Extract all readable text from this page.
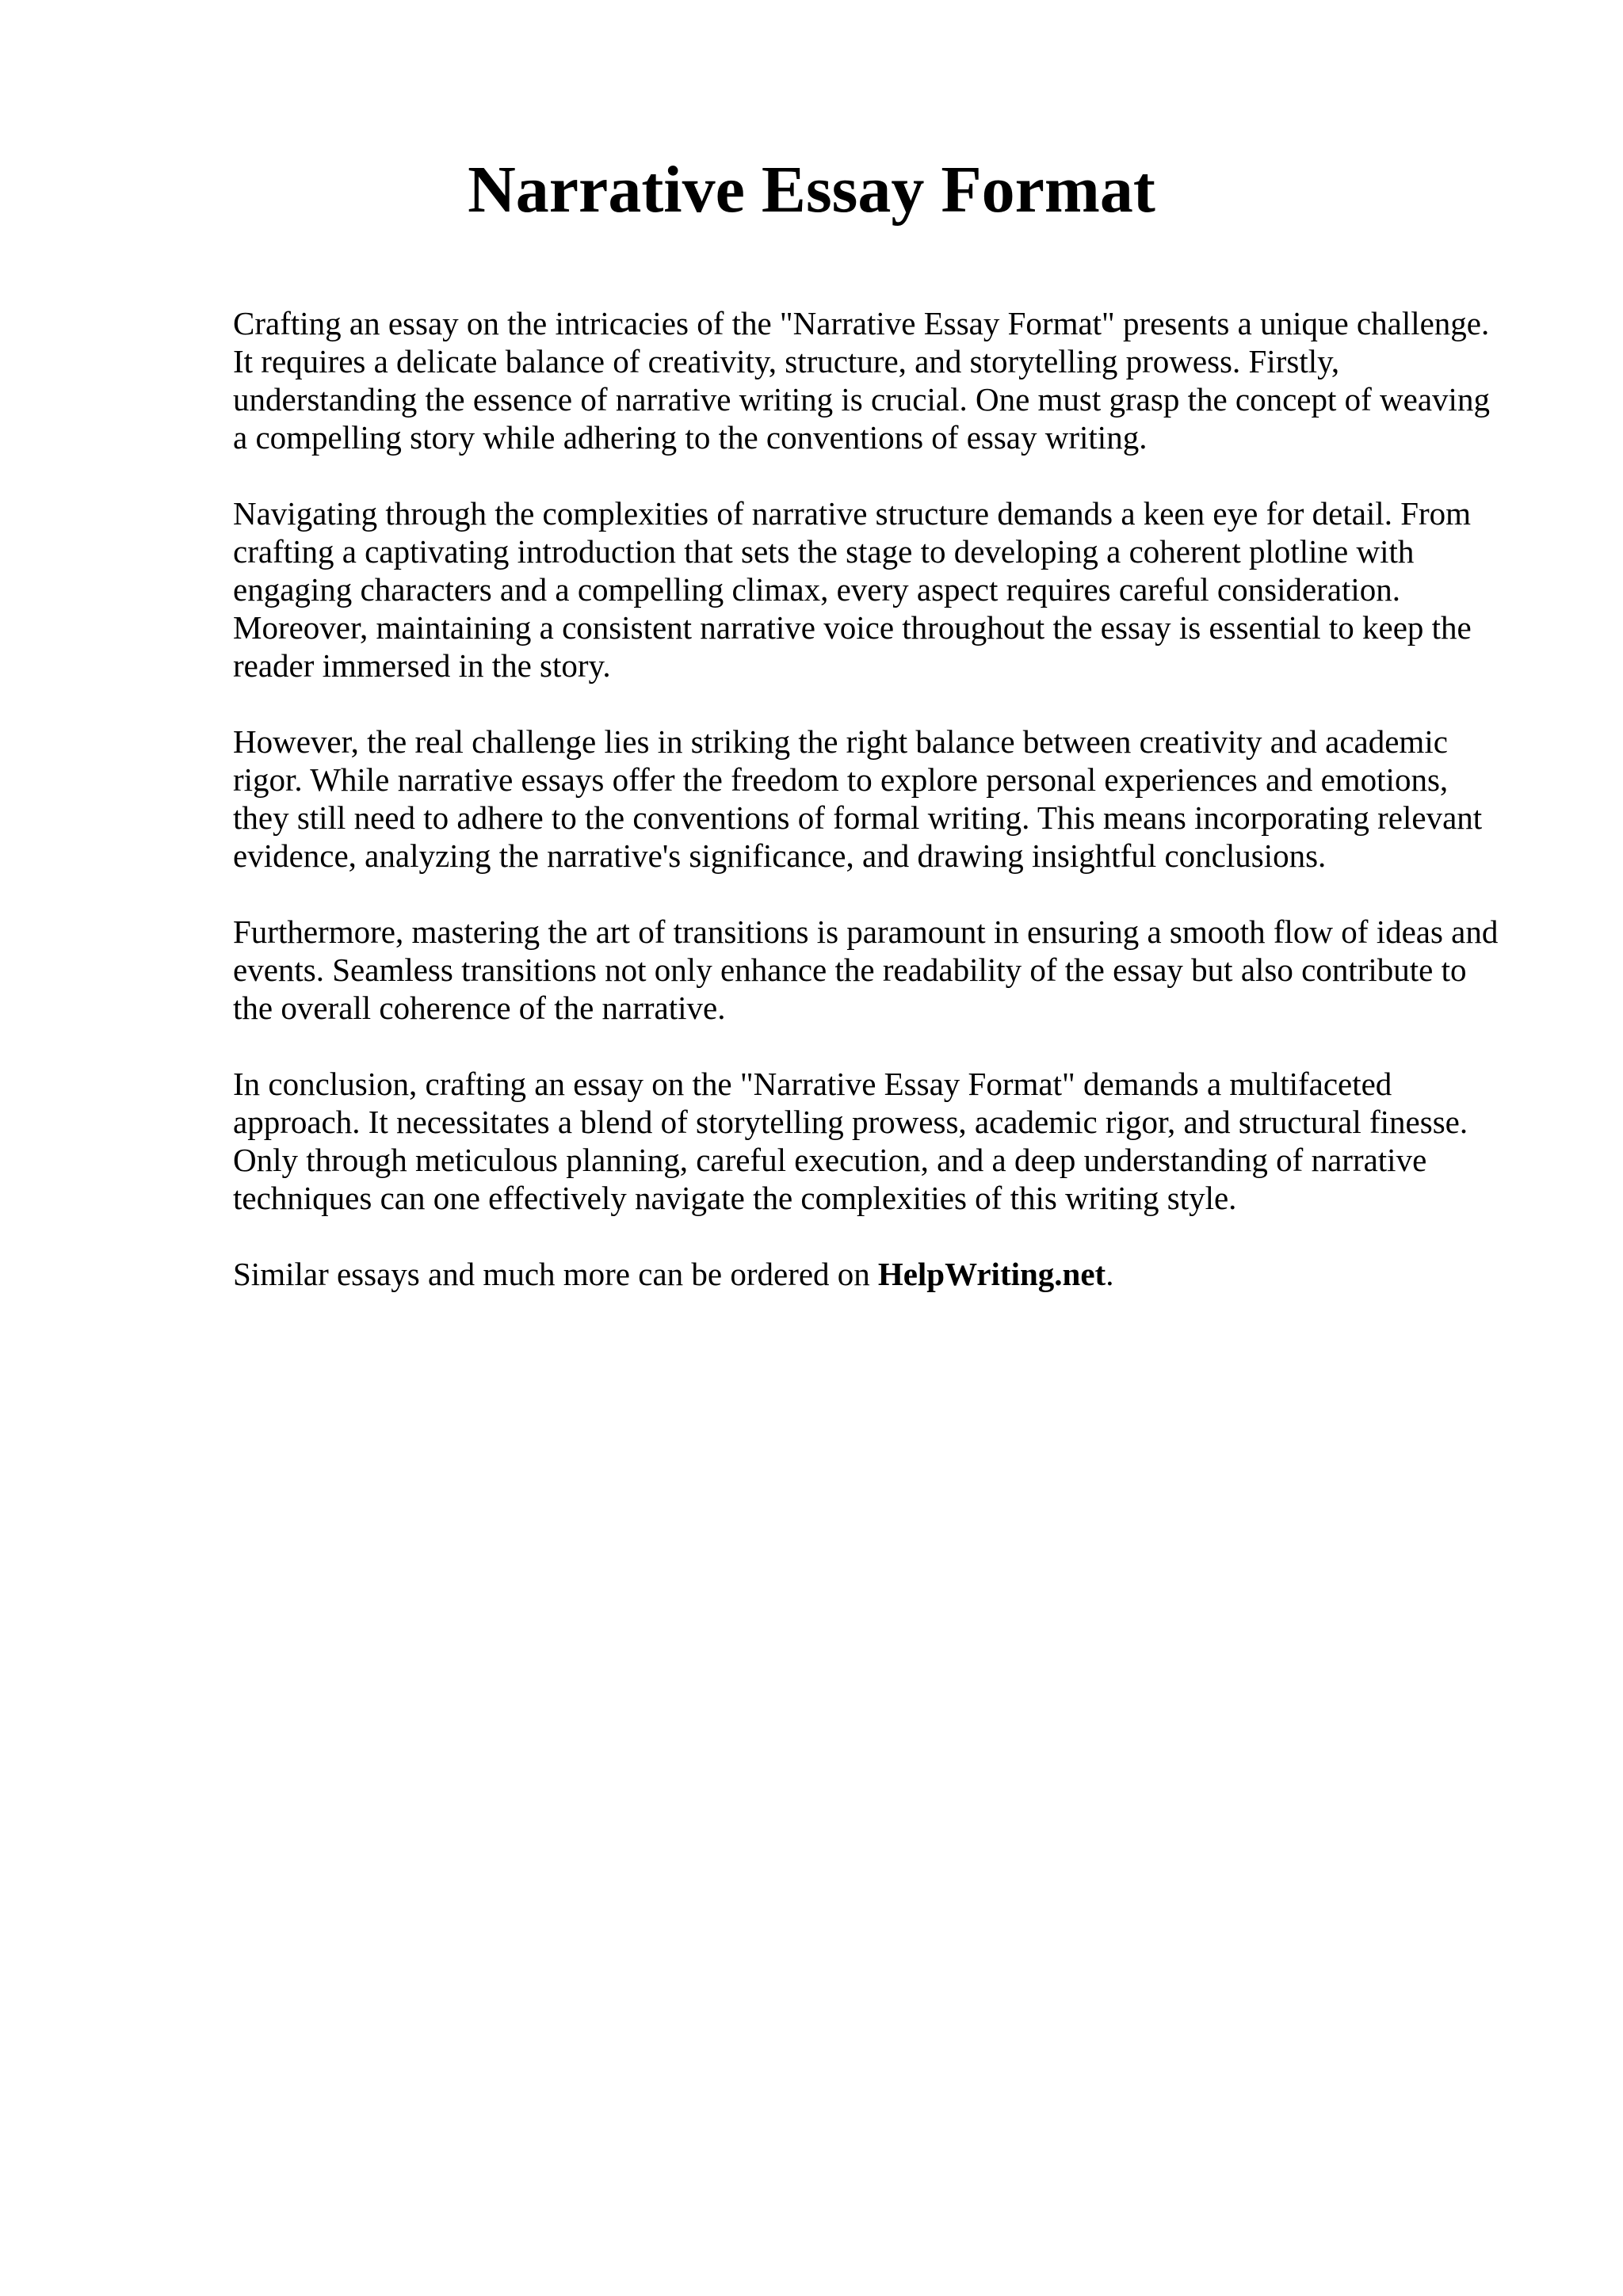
Narrative Essay Format

Crafting an essay on the intricacies of the "Narrative Essay Format" presents a unique challenge.
It requires a delicate balance of creativity, structure, and storytelling prowess. Firstly,
understanding the essence of narrative writing is crucial. One must grasp the concept of weaving
a compelling story while adhering to the conventions of essay writing.

Navigating through the complexities of narrative structure demands a keen eye for detail. From
crafting a captivating introduction that sets the stage to developing a coherent plotline with
engaging characters and a compelling climax, every aspect requires careful consideration.
Moreover, maintaining a consistent narrative voice throughout the essay is essential to keep the
reader immersed in the story.

However, the real challenge lies in striking the right balance between creativity and academic
rigor. While narrative essays offer the freedom to explore personal experiences and emotions,
they still need to adhere to the conventions of formal writing. This means incorporating relevant
evidence, analyzing the narrative's significance, and drawing insightful conclusions.

Furthermore, mastering the art of transitions is paramount in ensuring a smooth flow of ideas and
events. Seamless transitions not only enhance the readability of the essay but also contribute to
the overall coherence of the narrative.

In conclusion, crafting an essay on the "Narrative Essay Format" demands a multifaceted
approach. It necessitates a blend of storytelling prowess, academic rigor, and structural finesse.
Only through meticulous planning, careful execution, and a deep understanding of narrative
techniques can one effectively navigate the complexities of this writing style.

Similar essays and much more can be ordered on HelpWriting.net.
